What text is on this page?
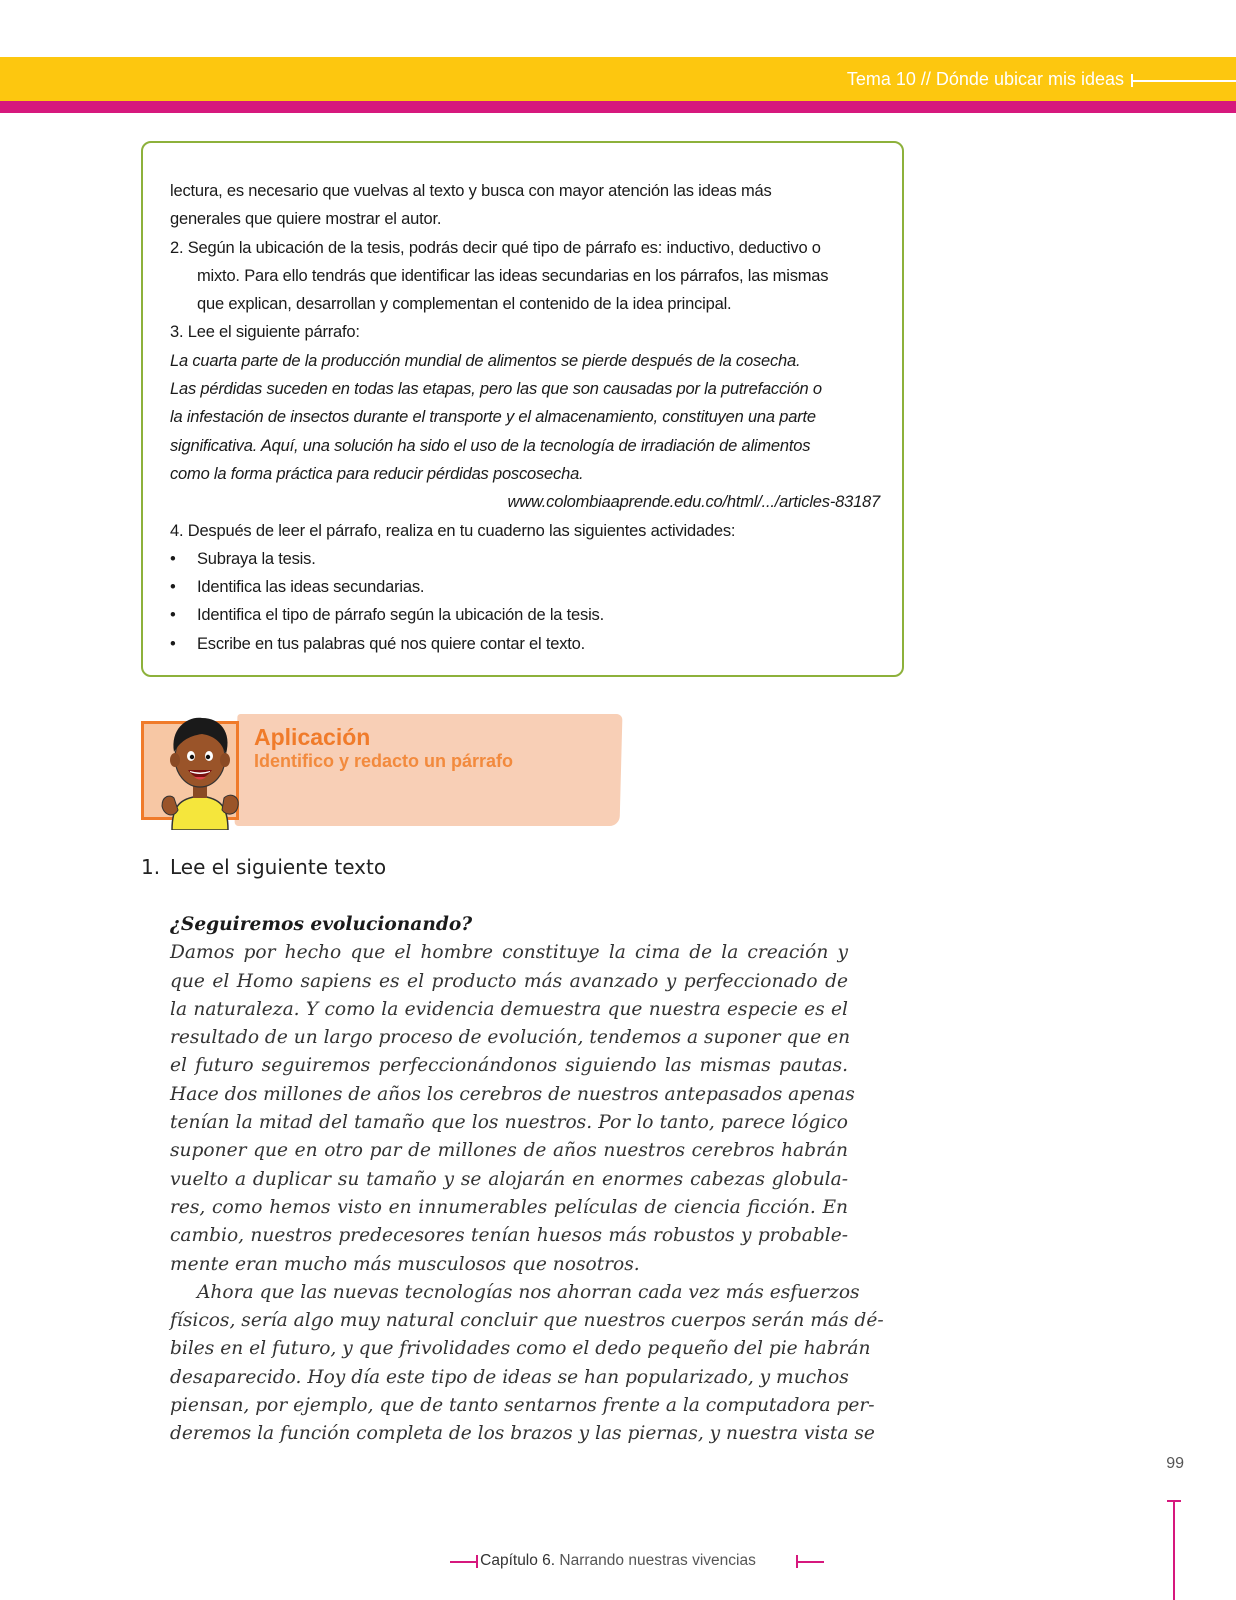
Tema 10 // Dónde ubicar mis ideas
lectura, es necesario que vuelvas al texto y busca con mayor atención las ideas más
generales que quiere mostrar el autor.
2. Según la ubicación de la tesis, podrás decir qué tipo de párrafo es: inductivo, deductivo o
mixto. Para ello tendrás que identificar las ideas secundarias en los párrafos, las mismas
que explican, desarrollan y complementan el contenido de la idea principal.
3. Lee el siguiente párrafo:
La cuarta parte de la producción mundial de alimentos se pierde después de la cosecha.
Las pérdidas suceden en todas las etapas, pero las que son causadas por la putrefacción o
la infestación de insectos durante el transporte y el almacenamiento, constituyen una parte
significativa. Aquí, una solución ha sido el uso de la tecnología de irradiación de alimentos
como la forma práctica para reducir pérdidas poscosecha.
www.colombiaaprende.edu.co/html/.../articles-83187
4. Después de leer el párrafo, realiza en tu cuaderno las siguientes actividades:
• Subraya la tesis.
• Identifica las ideas secundarias.
• Identifica el tipo de párrafo según la ubicación de la tesis.
• Escribe en tus palabras qué nos quiere contar el texto.
Aplicación
Identifico y redacto un párrafo
1. Lee el siguiente texto
¿Seguiremos evolucionando?
Damos por hecho que el hombre constituye la cima de la creación y
que el Homo sapiens es el producto más avanzado y perfeccionado de
la naturaleza. Y como la evidencia demuestra que nuestra especie es el
resultado de un largo proceso de evolución, tendemos a suponer que en
el futuro seguiremos perfeccionándonos siguiendo las mismas pautas.
Hace dos millones de años los cerebros de nuestros antepasados apenas
tenían la mitad del tamaño que los nuestros. Por lo tanto, parece lógico
suponer que en otro par de millones de años nuestros cerebros habrán
vuelto a duplicar su tamaño y se alojarán en enormes cabezas globula-
res, como hemos visto en innumerables películas de ciencia ficción. En
cambio, nuestros predecesores tenían huesos más robustos y probable-
mente eran mucho más musculosos que nosotros.
Ahora que las nuevas tecnologías nos ahorran cada vez más esfuerzos
físicos, sería algo muy natural concluir que nuestros cuerpos serán más dé-
biles en el futuro, y que frivolidades como el dedo pequeño del pie habrán
desaparecido. Hoy día este tipo de ideas se han popularizado, y muchos
piensan, por ejemplo, que de tanto sentarnos frente a la computadora per-
deremos la función completa de los brazos y las piernas, y nuestra vista se
99
Capítulo 6. Narrando nuestras vivencias
